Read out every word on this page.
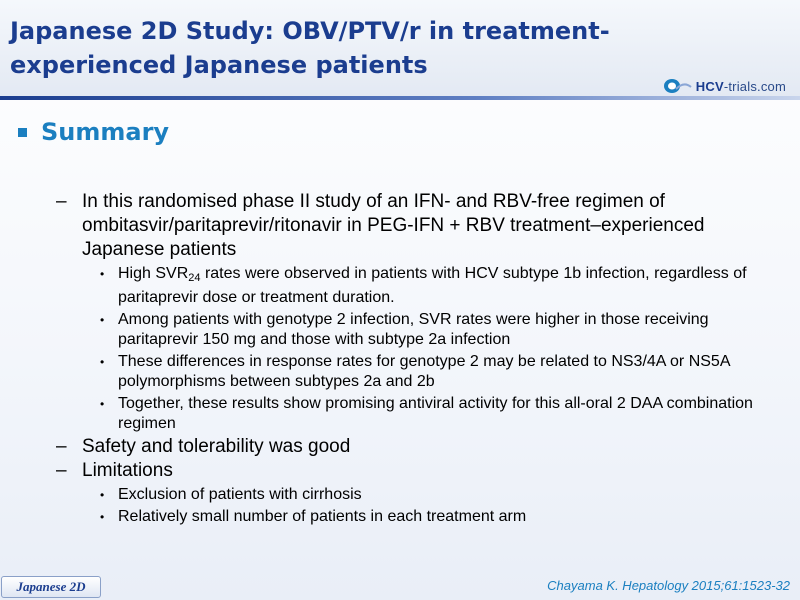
Japanese 2D Study: OBV/PTV/r in treatment-experienced Japanese patients
HCV-trials.com
Summary

– In this randomised phase II study of an IFN- and RBV-free regimen of ombitasvir/paritaprevir/ritonavir in PEG-IFN + RBV treatment–experienced Japanese patients

• High $SVR_{24}$ rates were observed in patients with HCV subtype 1b infection, regardless of paritaprevir dose or treatment duration.

• Among patients with genotype 2 infection, SVR rates were higher in those receiving paritaprevir 150 mg and those with subtype 2a infection

• These differences in response rates for genotype 2 may be related to NS3/4A or NS5A polymorphisms between subtypes 2a and 2b

• Together, these results show promising antiviral activity for this all-oral 2 DAA combination regimen

– Safety and tolerability was good

– Limitations

• Exclusion of patients with cirrhosis

• Relatively small number of patients in each treatment arm

Japanese 2D	Chayama K. Hepatology 2015;61:1523-32
